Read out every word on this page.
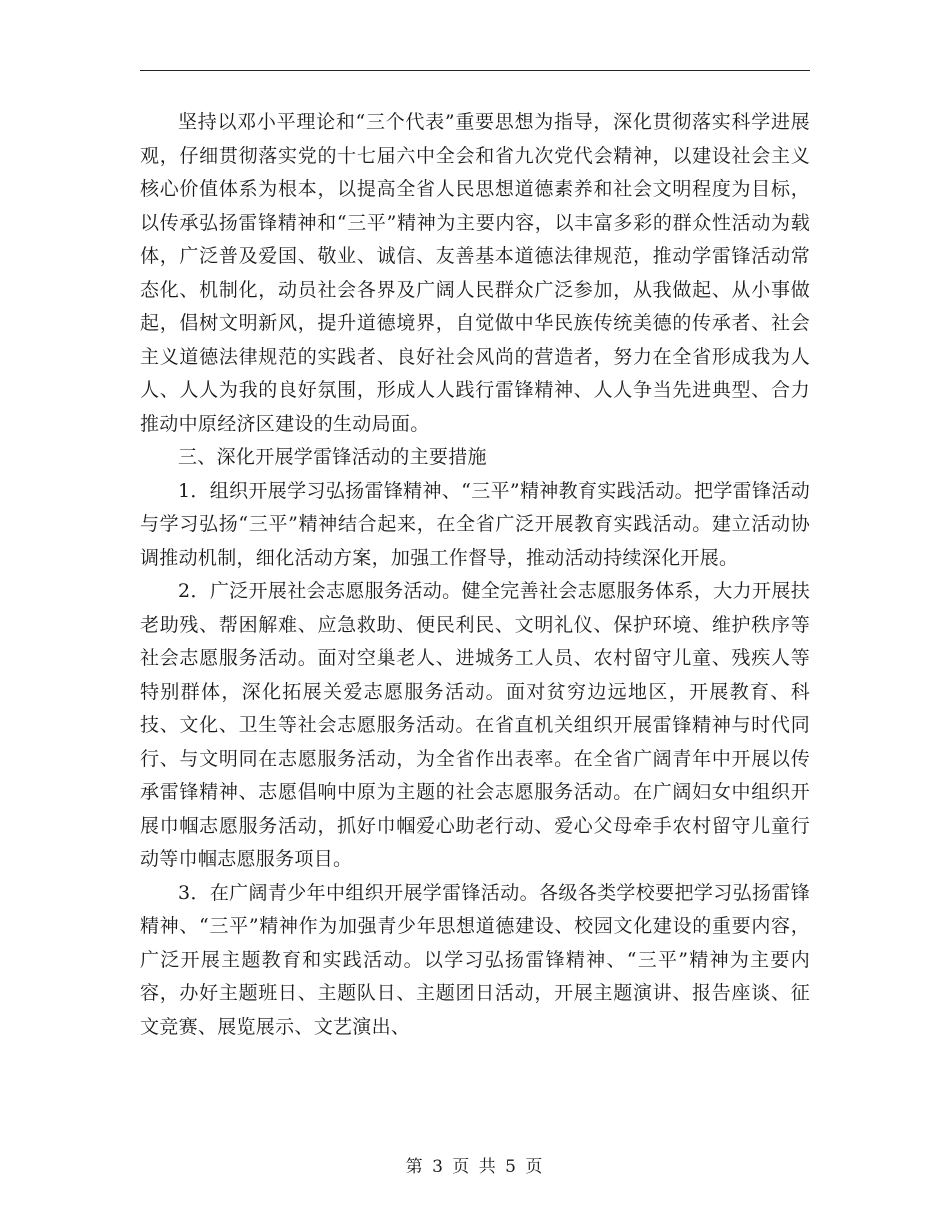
坚持以邓小平理论和“三个代表”重要思想为指导，深化贯彻落实科学进展观，仔细贯彻落实党的十七届六中全会和省九次党代会精神，以建设社会主义核心价值体系为根本，以提高全省人民思想道德素养和社会文明程度为目标，以传承弘扬雷锋精神和“三平”精神为主要内容，以丰富多彩的群众性活动为载体，广泛普及爱国、敬业、诚信、友善基本道德法律规范，推动学雷锋活动常态化、机制化，动员社会各界及广阔人民群众广泛参加，从我做起、从小事做起，倡树文明新风，提升道德境界，自觉做中华民族传统美德的传承者、社会主义道德法律规范的实践者、良好社会风尚的营造者，努力在全省形成我为人人、人人为我的良好氛围，形成人人践行雷锋精神、人人争当先进典型、合力推动中原经济区建设的生动局面。

三、深化开展学雷锋活动的主要措施

1．组织开展学习弘扬雷锋精神、“三平”精神教育实践活动。把学雷锋活动与学习弘扬“三平”精神结合起来，在全省广泛开展教育实践活动。建立活动协调推动机制，细化活动方案，加强工作督导，推动活动持续深化开展。

2．广泛开展社会志愿服务活动。健全完善社会志愿服务体系，大力开展扶老助残、帮困解难、应急救助、便民利民、文明礼仪、保护环境、维护秩序等社会志愿服务活动。面对空巢老人、进城务工人员、农村留守儿童、残疾人等特别群体，深化拓展关爱志愿服务活动。面对贫穷边远地区，开展教育、科技、文化、卫生等社会志愿服务活动。在省直机关组织开展雷锋精神与时代同行、与文明同在志愿服务活动，为全省作出表率。在全省广阔青年中开展以传承雷锋精神、志愿倡响中原为主题的社会志愿服务活动。在广阔妇女中组织开展巾帼志愿服务活动，抓好巾帼爱心助老行动、爱心父母牵手农村留守儿童行动等巾帼志愿服务项目。

3．在广阔青少年中组织开展学雷锋活动。各级各类学校要把学习弘扬雷锋精神、“三平”精神作为加强青少年思想道德建设、校园文化建设的重要内容，广泛开展主题教育和实践活动。以学习弘扬雷锋精神、“三平”精神为主要内容，办好主题班日、主题队日、主题团日活动，开展主题演讲、报告座谈、征文竞赛、展览展示、文艺演出、

第 3 页 共 5 页
